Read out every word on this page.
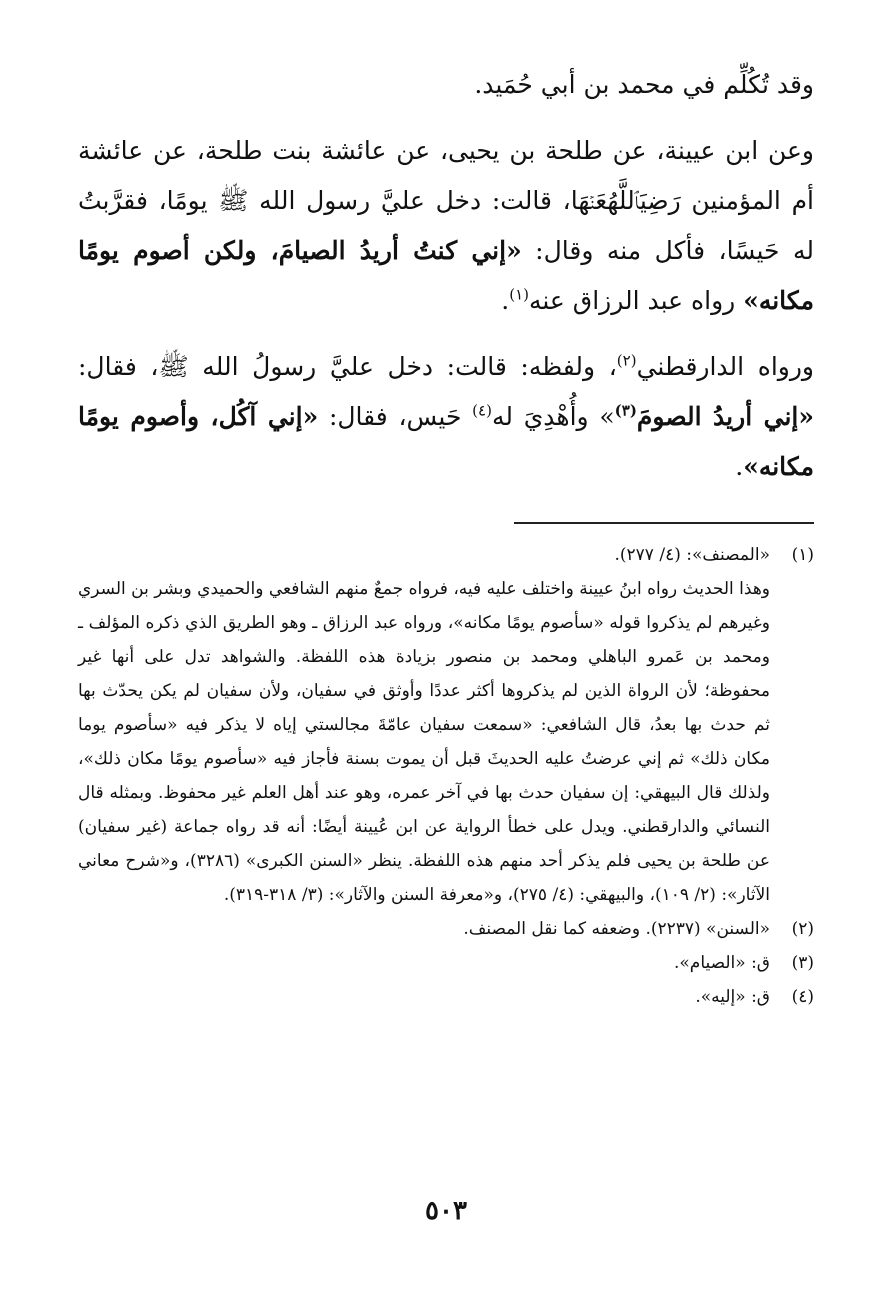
وقد تُكُلِّم في محمد بن أبي حُمَيد.

وعن ابن عيينة، عن طلحة بن يحيى، عن عائشة بنت طلحة، عن عائشة أم المؤمنين رَضِيَٱللَّهُعَنۡهَا، قالت: دخل عليَّ رسول الله ﷺ يومًا، فقرَّبتُ له حَيسًا، فأكل منه وقال: «إني كنتُ أريدُ الصيامَ، ولكن أصوم يومًا مكانه» رواه عبد الرزاق عنه$^{(١)}$.

ورواه الدارقطني$^{(٢)}$، ولفظه: قالت: دخل عليَّ رسولُ الله ﷺ، فقال: «إني أريدُ الصومَ$^{(٣)}$» وأُهْدِيَ له$^{(٤)}$ حَيس، فقال: «إني آكُل، وأصوم يومًا مكانه».

(١)

«المصنف»: (٤/ ٢٧٧).

وهذا الحديث رواه ابنُ عيينة واختلف عليه فيه، فرواه جمعٌ منهم الشافعي والحميدي وبشر بن السري وغيرهم لم يذكروا قوله «سأصوم يومًا مكانه»، ورواه عبد الرزاق ـ وهو الطريق الذي ذكره المؤلف ـ ومحمد بن عَمرو الباهلي ومحمد بن منصور بزيادة هذه اللفظة. والشواهد تدل على أنها غير محفوظة؛ لأن الرواة الذين لم يذكروها أكثر عددًا وأوثق في سفيان، ولأن سفيان لم يكن يحدّث بها ثم حدث بها بعدُ، قال الشافعي: «سمعت سفيان عامّةَ مجالستي إياه لا يذكر فيه «سأصوم يوما مكان ذلك» ثم إني عرضتُ عليه الحديثَ قبل أن يموت بسنة فأجاز فيه «سأصوم يومًا مكان ذلك»، ولذلك قال البيهقي: إن سفيان حدث بها في آخر عمره، وهو عند أهل العلم غير محفوظ. وبمثله قال النسائي والدارقطني. ويدل على خطأ الرواية عن ابن عُيينة أيضًا: أنه قد رواه جماعة (غير سفيان) عن طلحة بن يحيى فلم يذكر أحد منهم هذه اللفظة. ينظر «السنن الكبرى» (٣٢٨٦)، و«شرح معاني الآثار»: (٢/ ١٠٩)، والبيهقي: (٤/ ٢٧٥)، و«معرفة السنن والآثار»: (٣/ ٣١٨-٣١٩).

(٢)

«السنن» (٢٢٣٧). وضعفه كما نقل المصنف.

(٣)

ق: «الصيام».

(٤)

ق: «إليه».

٥٠٣
